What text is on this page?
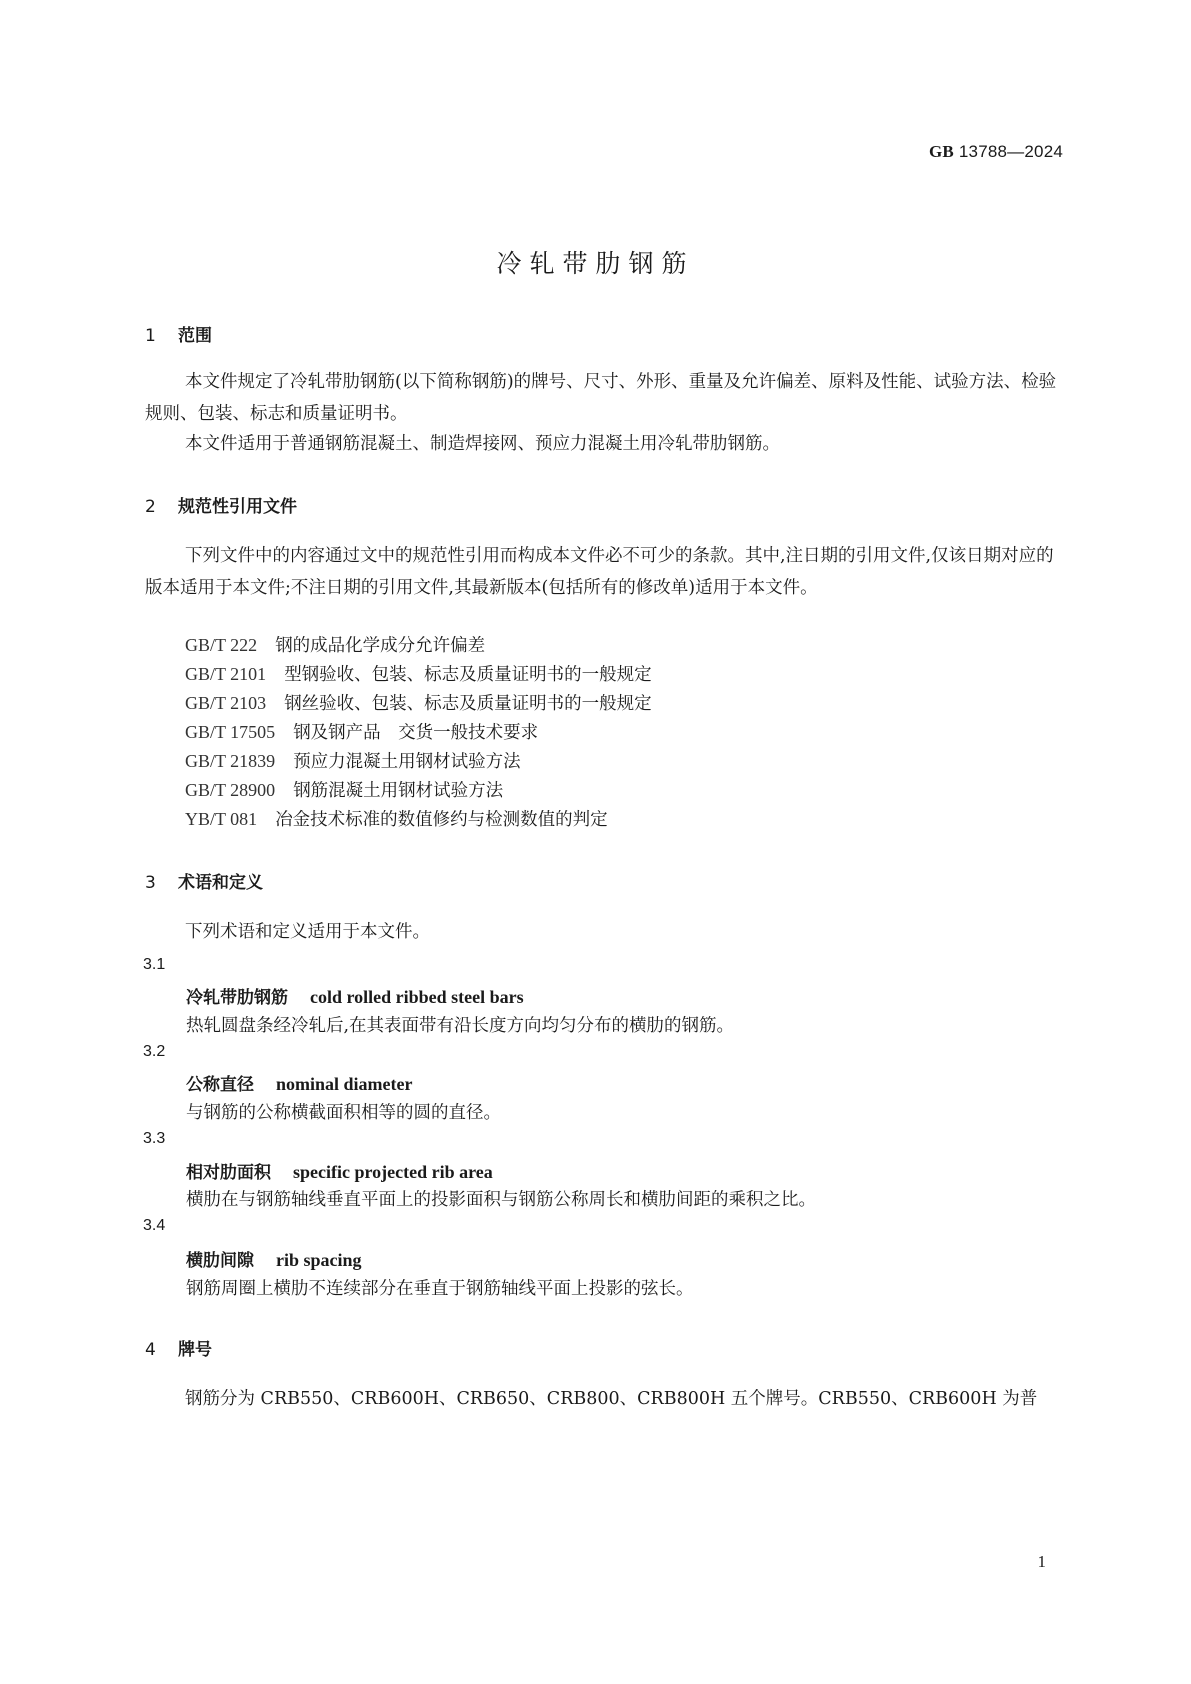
GB 13788—2024
冷轧带肋钢筋
1 范围
本文件规定了冷轧带肋钢筋(以下简称钢筋)的牌号、尺寸、外形、重量及允许偏差、原料及性能、试验方法、检验规则、包装、标志和质量证明书。
本文件适用于普通钢筋混凝土、制造焊接网、预应力混凝土用冷轧带肋钢筋。
2 规范性引用文件
下列文件中的内容通过文中的规范性引用而构成本文件必不可少的条款。其中,注日期的引用文件,仅该日期对应的版本适用于本文件;不注日期的引用文件,其最新版本(包括所有的修改单)适用于本文件。
GB/T 222 钢的成品化学成分允许偏差
GB/T 2101 型钢验收、包装、标志及质量证明书的一般规定
GB/T 2103 钢丝验收、包装、标志及质量证明书的一般规定
GB/T 17505 钢及钢产品　交货一般技术要求
GB/T 21839 预应力混凝土用钢材试验方法
GB/T 28900 钢筋混凝土用钢材试验方法
YB/T 081 冶金技术标准的数值修约与检测数值的判定
3 术语和定义
下列术语和定义适用于本文件。
3.1
冷轧带肋钢筋 cold rolled ribbed steel bars
热轧圆盘条经冷轧后,在其表面带有沿长度方向均匀分布的横肋的钢筋。
3.2
公称直径 nominal diameter
与钢筋的公称横截面积相等的圆的直径。
3.3
相对肋面积 specific projected rib area
横肋在与钢筋轴线垂直平面上的投影面积与钢筋公称周长和横肋间距的乘积之比。
3.4
横肋间隙 rib spacing
钢筋周圈上横肋不连续部分在垂直于钢筋轴线平面上投影的弦长。
4 牌号
钢筋分为 CRB550、CRB600H、CRB650、CRB800、CRB800H 五个牌号。CRB550、CRB600H 为普
1
